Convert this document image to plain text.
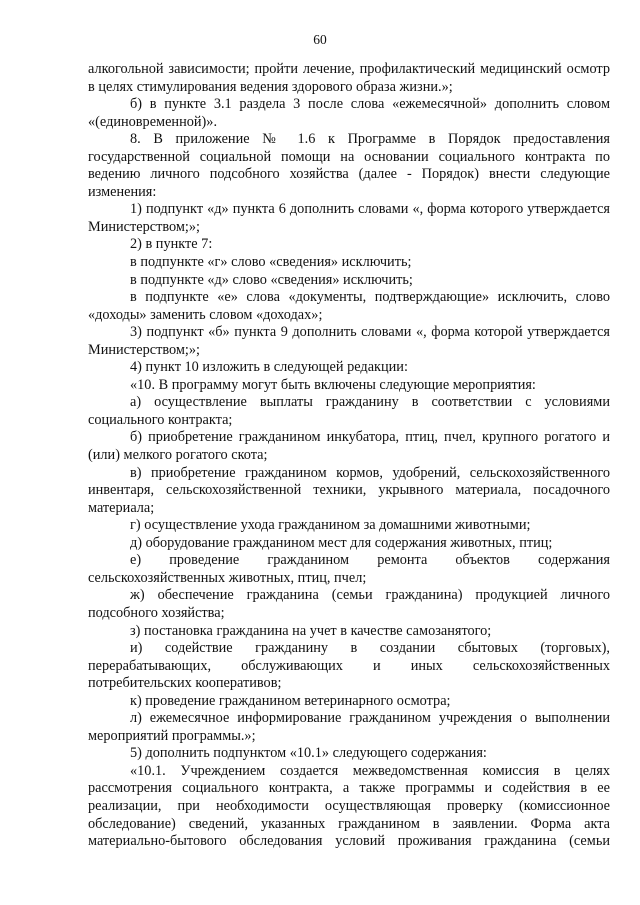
60

алкогольной зависимости; пройти лечение, профилактический медицинский осмотр в целях стимулирования ведения здорового образа жизни.»;

б) в пункте 3.1 раздела 3 после слова «ежемесячной» дополнить словом «(единовременной)».

8. В приложение № 1.6 к Программе в Порядок предоставления государственной социальной помощи на основании социального контракта по ведению личного подсобного хозяйства (далее - Порядок) внести следующие изменения:

1) подпункт «д» пункта 6 дополнить словами «, форма которого утверждается Министерством;»;

2) в пункте 7:

в подпункте «г» слово «сведения» исключить;

в подпункте «д» слово «сведения» исключить;

в подпункте «е» слова «документы, подтверждающие» исключить, слово «доходы» заменить словом «доходах»;

3) подпункт «б» пункта 9 дополнить словами «, форма которой утверждается Министерством;»;

4) пункт 10 изложить в следующей редакции:

«10. В программу могут быть включены следующие мероприятия:

а) осуществление выплаты гражданину в соответствии с условиями социального контракта;

б) приобретение гражданином инкубатора, птиц, пчел, крупного рогатого и (или) мелкого рогатого скота;

в) приобретение гражданином кормов, удобрений, сельскохозяйственного инвентаря, сельскохозяйственной техники, укрывного материала, посадочного материала;

г) осуществление ухода гражданином за домашними животными;

д) оборудование гражданином мест для содержания животных, птиц;

е) проведение гражданином ремонта объектов содержания сельскохозяйственных животных, птиц, пчел;

ж) обеспечение гражданина (семьи гражданина) продукцией личного подсобного хозяйства;

з) постановка гражданина на учет в качестве самозанятого;

и) содействие гражданину в создании сбытовых (торговых), перерабатывающих, обслуживающих и иных сельскохозяйственных потребительских кооперативов;

к) проведение гражданином ветеринарного осмотра;

л) ежемесячное информирование гражданином учреждения о выполнении мероприятий программы.»;

5) дополнить подпунктом «10.1» следующего содержания:

«10.1. Учреждением создается межведомственная комиссия в целях рассмотрения социального контракта, а также программы и содействия в ее реализации, при необходимости осуществляющая проверку (комиссионное обследование) сведений, указанных гражданином в заявлении. Форма акта материально-бытового обследования условий проживания гражданина (семьи
